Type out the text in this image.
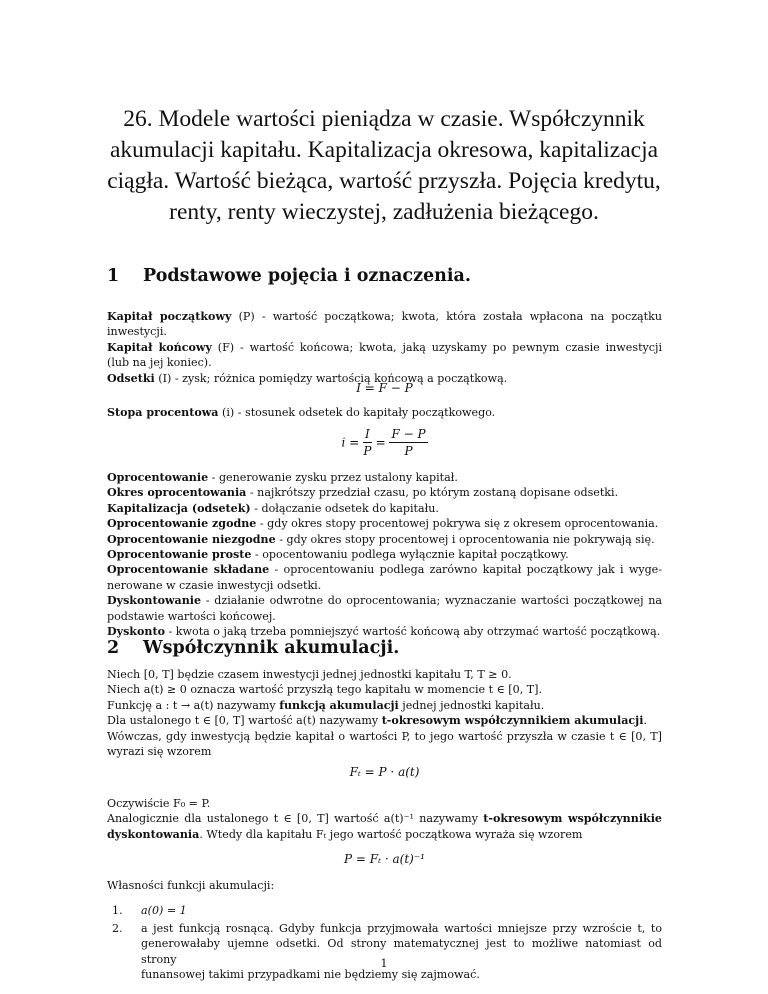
26. Modele wartości pieniądza w czasie. Współczynnik
akumulacji kapitału. Kapitalizacja okresowa, kapitalizacja
ciągła. Wartość bieżąca, wartość przyszła. Pojęcia kredytu,
renty, renty wieczystej, zadłużenia bieżącego.
1 Podstawowe pojęcia i oznaczenia.
Kapitał początkowy (P) - wartość początkowa; kwota, która została wpłacona na początku
inwestycji.
Kapitał końcowy (F) - wartość końcowa; kwota, jaką uzyskamy po pewnym czasie inwestycji
(lub na jej koniec).
Odsetki (I) - zysk; różnica pomiędzy wartością końcową a początkową.
I = F − P
Stopa procentowa (i) - stosunek odsetek do kapitały początkowego.
$i = \frac{I}{P} = \frac{F - P}{P}$
Oprocentowanie - generowanie zysku przez ustalony kapitał.
Okres oprocentowania - najkrótszy przedział czasu, po którym zostaną dopisane odsetki.
Kapitalizacja (odsetek) - dołączanie odsetek do kapitału.
Oprocentowanie zgodne - gdy okres stopy procentowej pokrywa się z okresem oprocentowania.
Oprocentowanie niezgodne - gdy okres stopy procentowej i oprocentowania nie pokrywają się.
Oprocentowanie proste - opocentowaniu podlega wyłącznie kapitał początkowy.
Oprocentowanie składane - oprocentowaniu podlega zarówno kapitał początkowy jak i wyge-
nerowane w czasie inwestycji odsetki.
Dyskontowanie - działanie odwrotne do oprocentowania; wyznaczanie wartości początkowej na
podstawie wartości końcowej.
Dyskonto - kwota o jaką trzeba pomniejszyć wartość końcową aby otrzymać wartość początkową.
2 Współczynnik akumulacji.
Niech [0, T] będzie czasem inwestycji jednej jednostki kapitału T, T ≥ 0.
Niech a(t) ≥ 0 oznacza wartość przyszłą tego kapitału w momencie t ∈ [0, T].
Funkcję a : t → a(t) nazywamy funkcją akumulacji jednej jednostki kapitału.
Dla ustalonego t ∈ [0, T] wartość a(t) nazywamy t-okresowym współczynnikiem akumulacji.
Wówczas, gdy inwestycją będzie kapitał o wartości P, to jego wartość przyszła w czasie t ∈ [0, T]
wyrazi się wzorem
Fₜ = P · a(t)
Oczywiście F₀ = P.
Analogicznie dla ustalonego t ∈ [0, T] wartość a(t)⁻¹ nazywamy t-okresowym współczynnikie
dyskontowania. Wtedy dla kapitału Fₜ jego wartość początkowa wyraża się wzorem
P = Fₜ · a(t)⁻¹
Własności funkcji akumulacji:
1. a(0) = 1
2. a jest funkcją rosnącą. Gdyby funkcja przyjmowała wartości mniejsze przy wzroście t, to
generowałaby ujemne odsetki. Od strony matematycznej jest to możliwe natomiast od strony
funansowej takimi przypadkami nie będziemy się zajmować.
1
